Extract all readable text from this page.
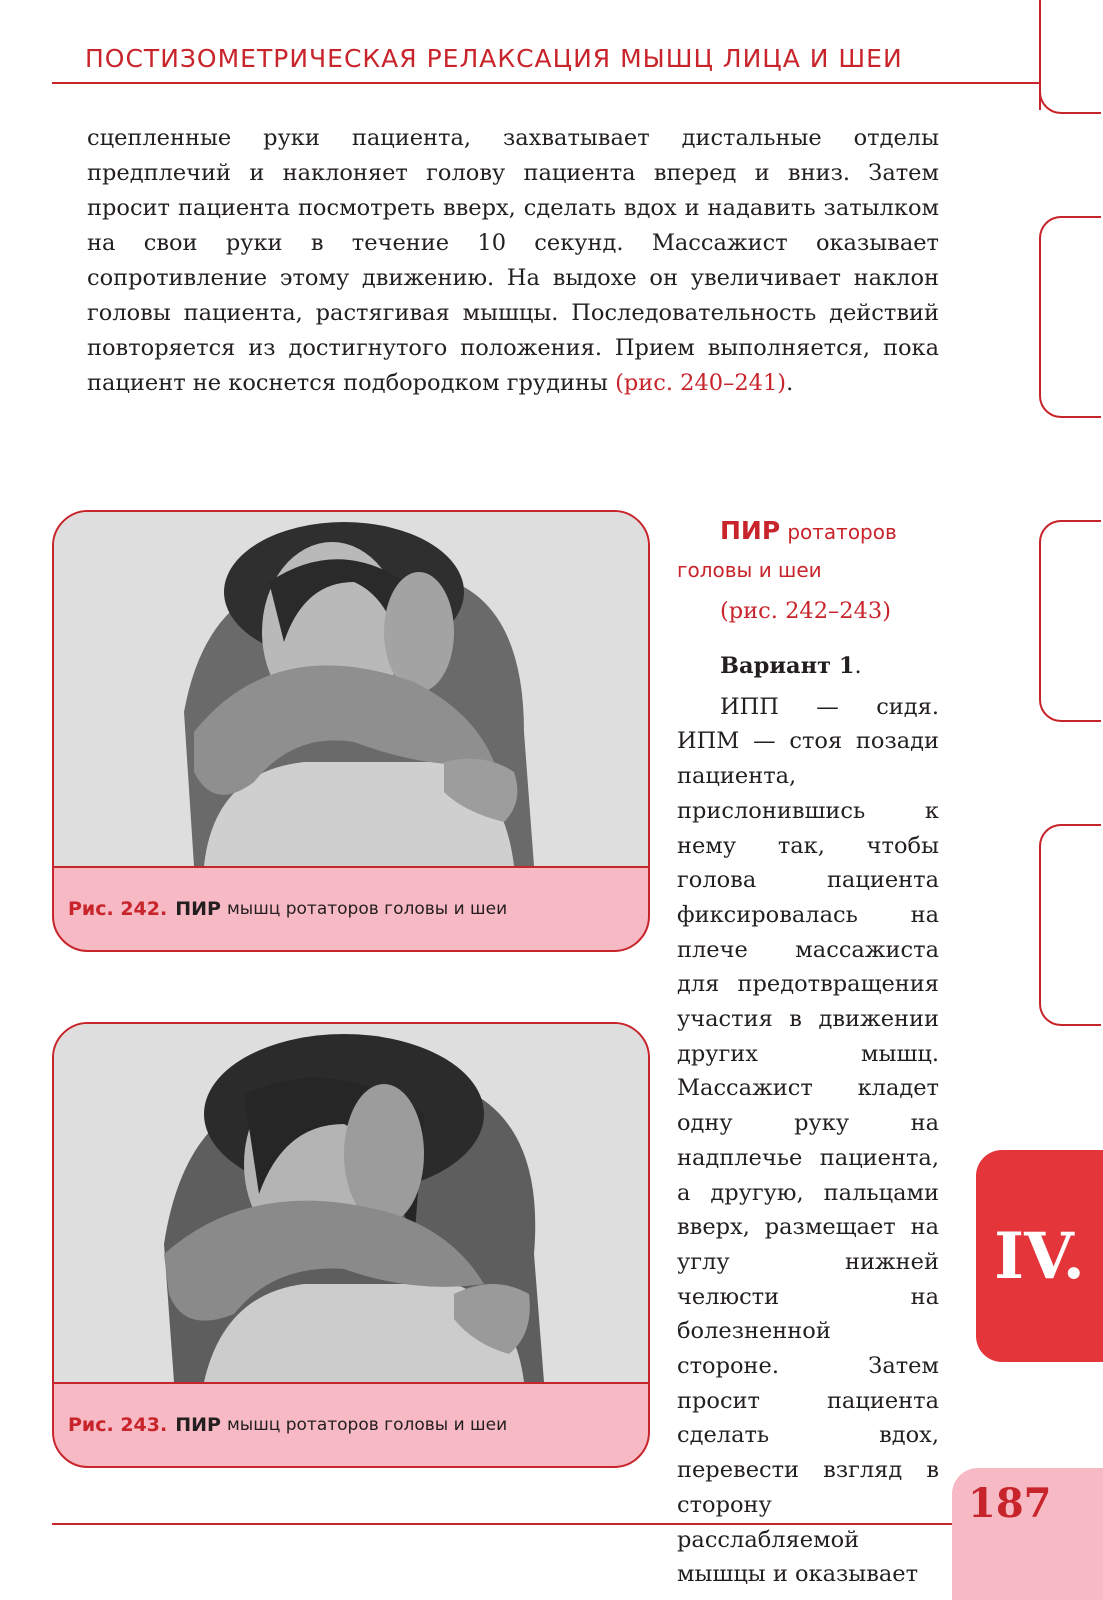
ПОСТИЗОМЕТРИЧЕСКАЯ РЕЛАКСАЦИЯ МЫШЦ ЛИЦА И ШЕИ

сцепленные руки пациента, захватывает дистальные отделы предплечий и наклоняет голову пациента вперед и вниз. Затем просит пациента посмотреть вверх, сделать вдох и надавить затылком на свои руки в течение 10 секунд. Массажист оказывает сопротивление этому движению. На выдохе он увеличивает наклон головы пациента, растягивая мышцы. Последовательность действий повторяется из достигнутого положения. Прием выполняется, пока пациент не коснется подбородком грудины (рис. 240–241).

Рис. 242. ПИР мышц ротаторов головы и шеи
Рис. 243. ПИР мышц ротаторов головы и шеи

ПИР ротаторов
головы и шеи

(рис. 242–243)

Вариант 1.

ИПП — сидя. ИПМ — стоя позади пациента, прислонившись к нему так, чтобы голова пациента фиксировалась на плече массажиста для предотвращения участия в движении других мышц. Массажист кладет одну руку на надплечье пациента, а другую, пальцами вверх, размещает на углу нижней челюсти на болезненной стороне. Затем просит пациента сделать вдох, перевести взгляд в сторону расслабляемой мышцы и оказывает

IV.
187
